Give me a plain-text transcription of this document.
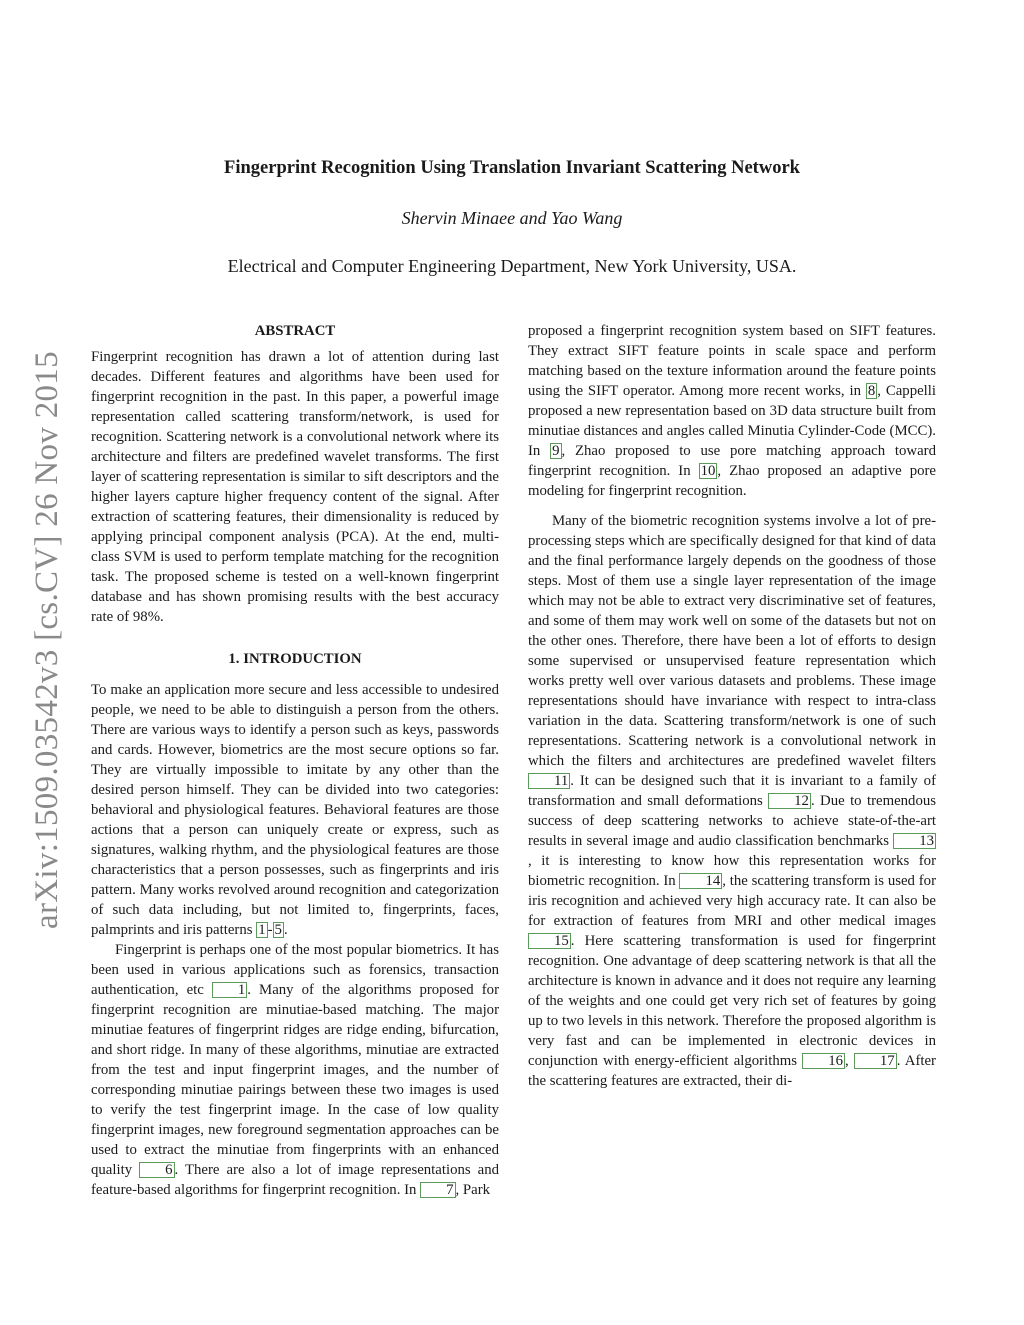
arXiv:1509.03542v3 [cs.CV] 26 Nov 2015
Fingerprint Recognition Using Translation Invariant Scattering Network
Shervin Minaee and Yao Wang
Electrical and Computer Engineering Department, New York University, USA.
ABSTRACT

Fingerprint recognition has drawn a lot of attention during last decades. Different features and algorithms have been used for fingerprint recognition in the past. In this paper, a powerful image representation called scattering transform/network, is used for recognition. Scattering network is a convolutional network where its architecture and filters are predefined wavelet transforms. The first layer of scattering representation is similar to sift descriptors and the higher layers capture higher frequency content of the signal. After extraction of scattering features, their dimensionality is reduced by applying principal component analysis (PCA). At the end, multi-class SVM is used to perform template matching for the recognition task. The proposed scheme is tested on a well-known fingerprint database and has shown promising results with the best accuracy rate of 98%.

1. INTRODUCTION

To make an application more secure and less accessible to undesired people, we need to be able to distinguish a person from the others. There are various ways to identify a person such as keys, passwords and cards. However, biometrics are the most secure options so far. They are virtually impossible to imitate by any other than the desired person himself. They can be divided into two categories: behavioral and physiological features. Behavioral features are those actions that a person can uniquely create or express, such as signatures, walking rhythm, and the physiological features are those characteristics that a person possesses, such as fingerprints and iris pattern. Many works revolved around recognition and categorization of such data including, but not limited to, fingerprints, faces, palmprints and iris patterns 1 - 5 .

Fingerprint is perhaps one of the most popular biometrics. It has been used in various applications such as forensics, transaction authentication, etc 1 . Many of the algorithms proposed for fingerprint recognition are minutiae-based matching. The major minutiae features of fingerprint ridges are ridge ending, bifurcation, and short ridge. In many of these algorithms, minutiae are extracted from the test and input fingerprint images, and the number of corresponding minutiae pairings between these two images is used to verify the test fingerprint image. In the case of low quality fingerprint images, new foreground segmentation approaches can be used to extract the minutiae from fingerprints with an enhanced quality 6 . There are also a lot of image representations and feature-based algorithms for fingerprint recognition. In 7 , Park

proposed a fingerprint recognition system based on SIFT features. They extract SIFT feature points in scale space and perform matching based on the texture information around the feature points using the SIFT operator. Among more recent works, in 8 , Cappelli proposed a new representation based on 3D data structure built from minutiae distances and angles called Minutia Cylinder-Code (MCC). In 9 , Zhao proposed to use pore matching approach toward fingerprint recognition. In 10 , Zhao proposed an adaptive pore modeling for fingerprint recognition.

Many of the biometric recognition systems involve a lot of pre-processing steps which are specifically designed for that kind of data and the final performance largely depends on the goodness of those steps. Most of them use a single layer representation of the image which may not be able to extract very discriminative set of features, and some of them may work well on some of the datasets but not on the other ones. Therefore, there have been a lot of efforts to design some supervised or unsupervised feature representation which works pretty well over various datasets and problems. These image representations should have invariance with respect to intra-class variation in the data. Scattering transform/network is one of such representations. Scattering network is a convolutional network in which the filters and architectures are predefined wavelet filters 11 . It can be designed such that it is invariant to a family of transformation and small deformations 12 . Due to tremendous success of deep scattering networks to achieve state-of-the-art results in several image and audio classification benchmarks 13, it is interesting to know how this representation works for biometric recognition. In 14 , the scattering transform is used for iris recognition and achieved very high accuracy rate. It can also be for extraction of features from MRI and other medical images 15 . Here scattering transformation is used for fingerprint recognition. One advantage of deep scattering network is that all the architecture is known in advance and it does not require any learning of the weights and one could get very rich set of features by going up to two levels in this network. Therefore the proposed algorithm is very fast and can be implemented in electronic devices in conjunction with energy-efficient algorithms 16 , 17 . After the scattering features are extracted, their di-
